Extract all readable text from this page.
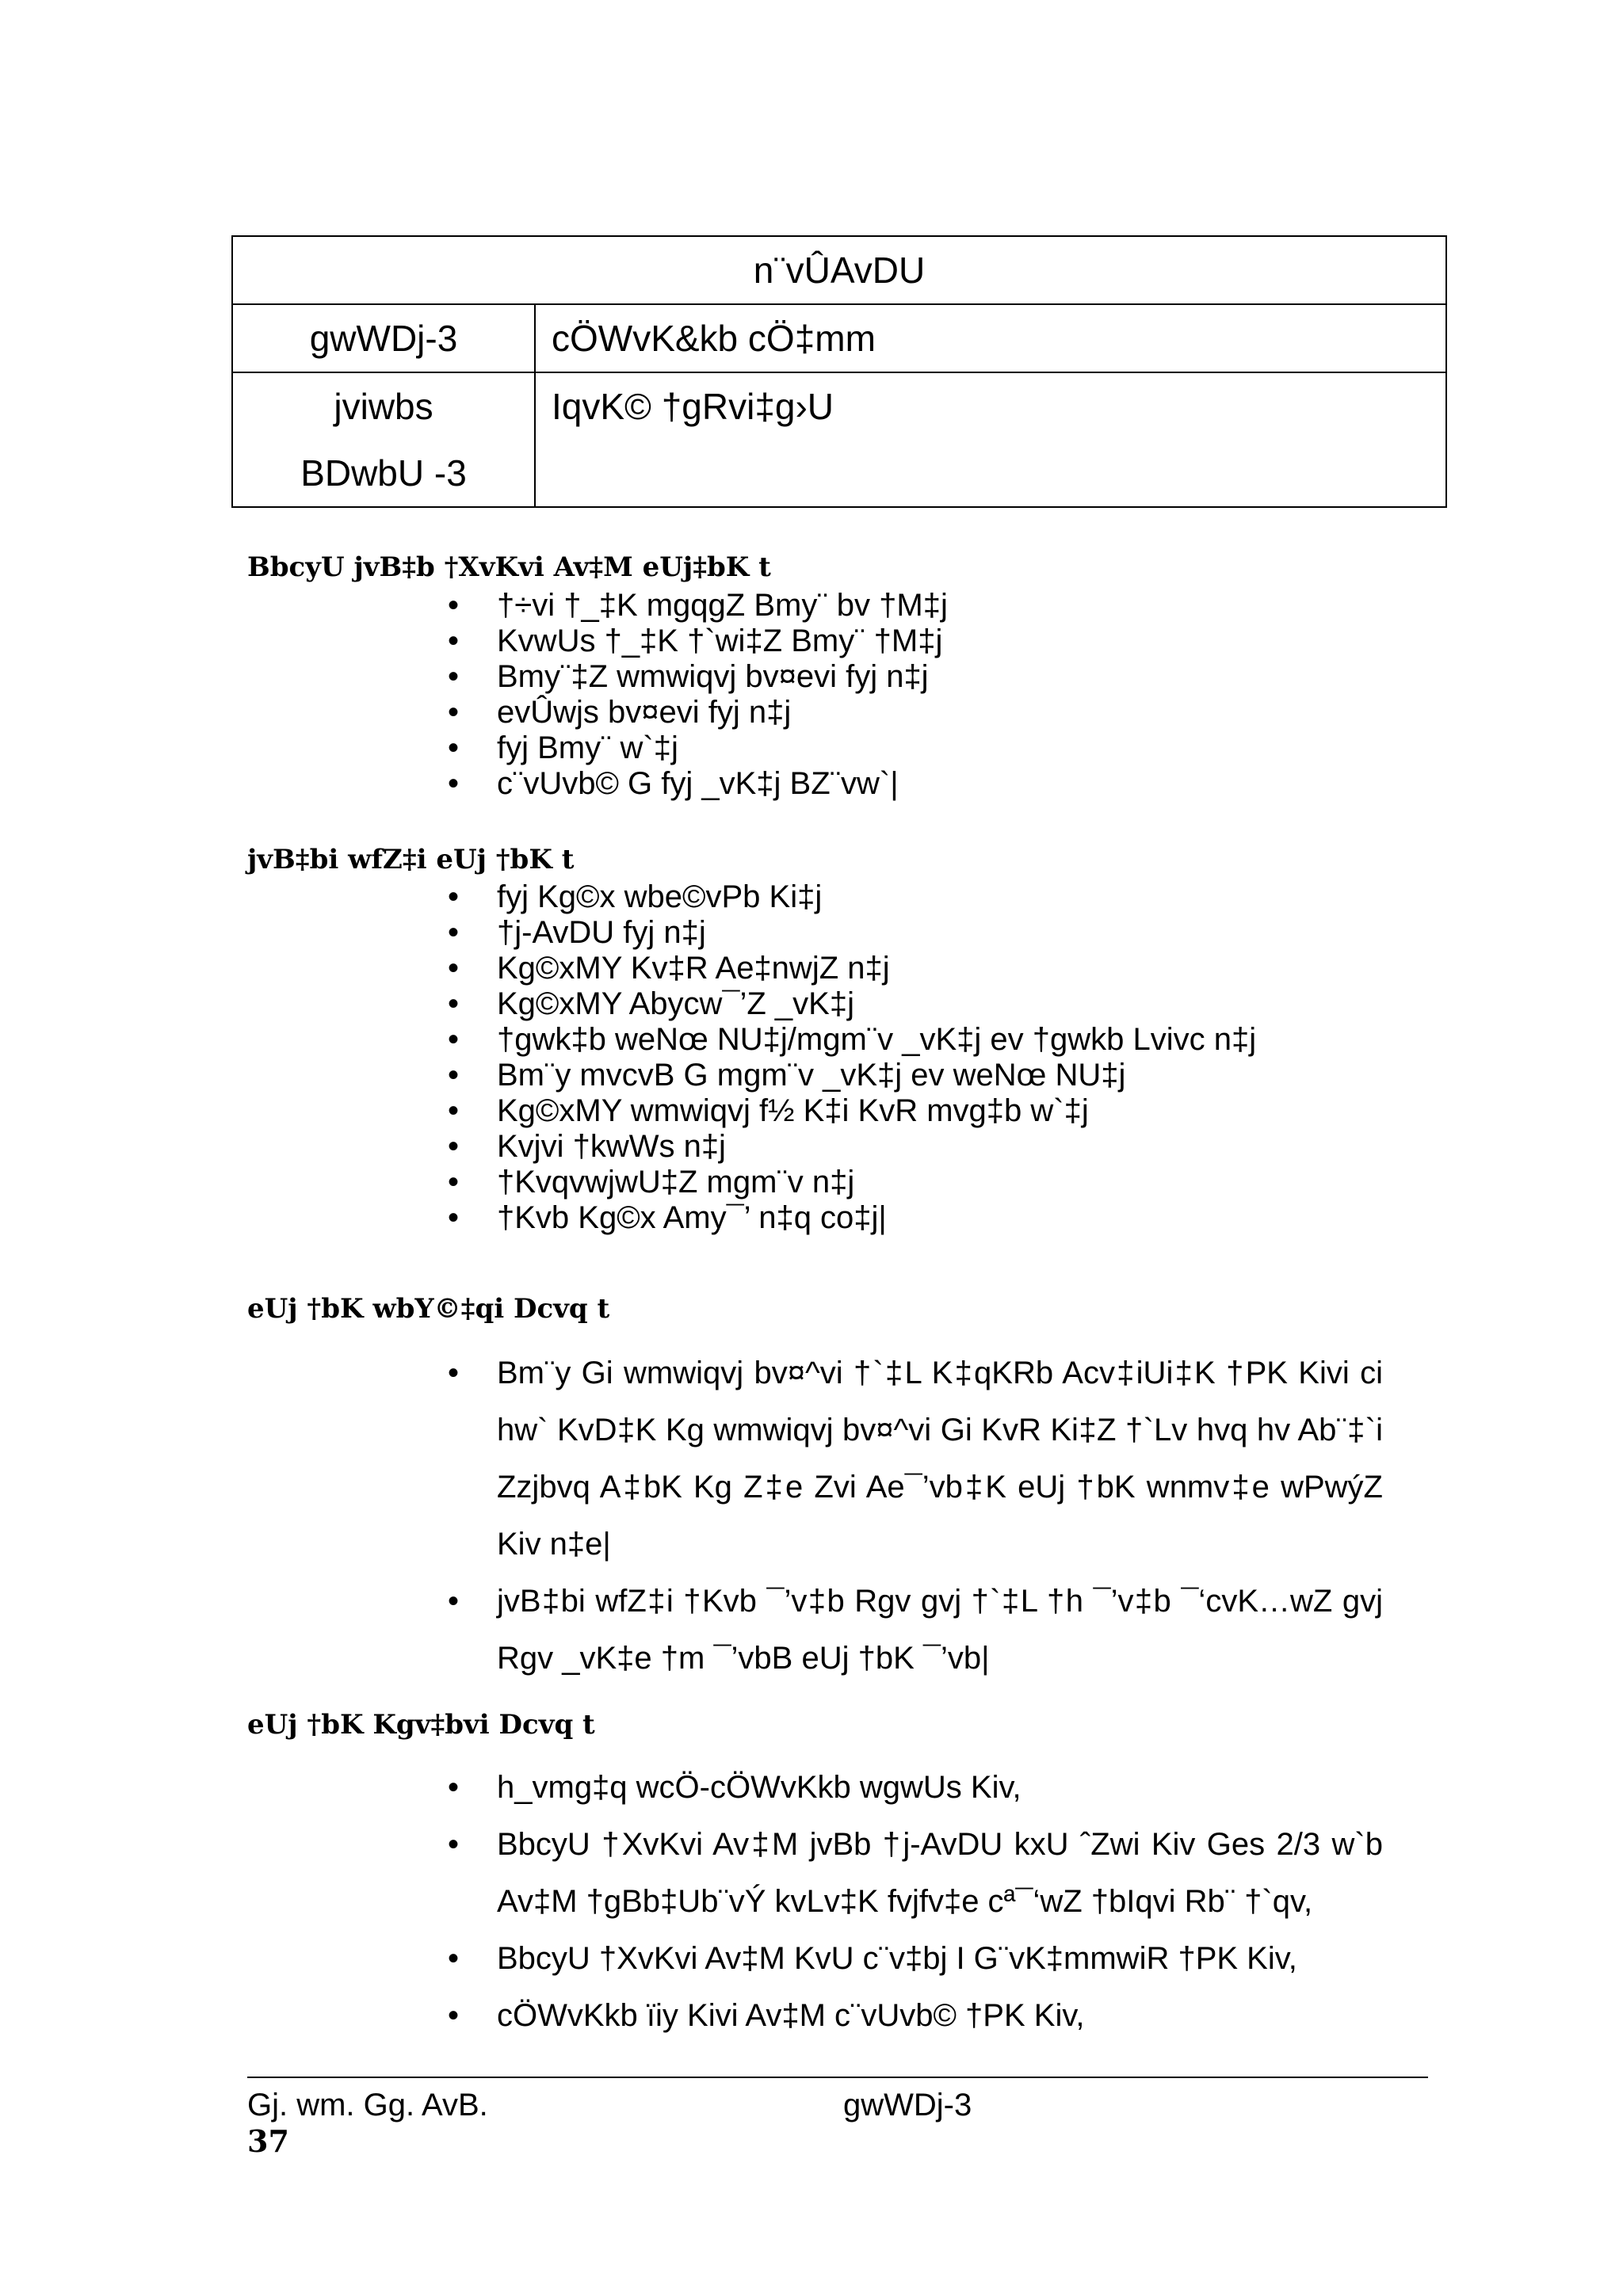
n¨vÛAvDU	
gwWDj-3	cÖWvK&kb cÖ‡mm

jviwbs
BDwbU -3	IqvK© †gRvi‡g›U
BbcyU jvB‡b †XvKvi Av‡M eUj‡bK t
• †÷vi †_‡K mgqgZ Bmy¨ bv †M‡j
• KvwUs †_‡K †`wi‡Z Bmy¨ †M‡j
• Bmy¨‡Z wmwiqvj bv¤evi fyj n‡j
• evÛwjs bv¤evi fyj n‡j
• fyj Bmy¨ w`‡j
• c¨vUvb© G fyj _vK‡j BZ¨vw`|
jvB‡bi wfZ‡i eUj †bK t
• fyj Kg©x wbe©vPb Ki‡j
• †j-AvDU fyj n‡j
• Kg©xMY Kv‡R Ae‡nwjZ n‡j
• Kg©xMY Abycw¯’Z _vK‡j
• †gwk‡b weNœ NU‡j/mgm¨v _vK‡j ev †gwkb Lvivc n‡j
• Bm¨y mvcvB G mgm¨v _vK‡j ev weNœ NU‡j
• Kg©xMY wmwiqvj f½ K‡i KvR mvg‡b w`‡j
• Kvjvi †kwWs n‡j
• †KvqvwjwU‡Z mgm¨v n‡j
• †Kvb Kg©x Amy¯’ n‡q co‡j|
eUj †bK wbY©‡qi Dcvq t
• Bm¨y Gi wmwiqvj bv¤^vi †`‡L K‡qKRb Acv‡iUi‡K †PK Kivi ci hw` KvD‡K Kg wmwiqvj bv¤^vi Gi KvR Ki‡Z †`Lv hvq hv Ab¨‡`i Zzjbvq A‡bK Kg Z‡e Zvi Ae¯’vb‡K eUj †bK wnmv‡e wPwýZ Kiv n‡e|
• jvB‡bi wfZ‡i †Kvb ¯’v‡b Rgv gvj †`‡L †h ¯’v‡b ¯‘cvK…wZ gvj Rgv _vK‡e †m ¯’vbB eUj †bK ¯’vb|
eUj †bK Kgv‡bvi Dcvq t
• h_vmg‡q wcÖ-cÖWvKkb wgwUs Kiv,
• BbcyU †XvKvi Av‡M jvBb †j-AvDU kxU ˆZwi Kiv Ges 2/3 w`b Av‡M †gBb‡Ub¨vÝ kvLv‡K fvjfv‡e cª¯‘wZ †bIqvi Rb¨ †`qv,
• BbcyU †XvKvi Av‡M KvU c¨v‡bj I G¨vK‡mmwiR †PK Kiv,
• cÖWvKkb ïiy Kivi Av‡M c¨vUvb© †PK Kiv,
Gj. wm. Gg. AvB.	gwWDj-3
37
